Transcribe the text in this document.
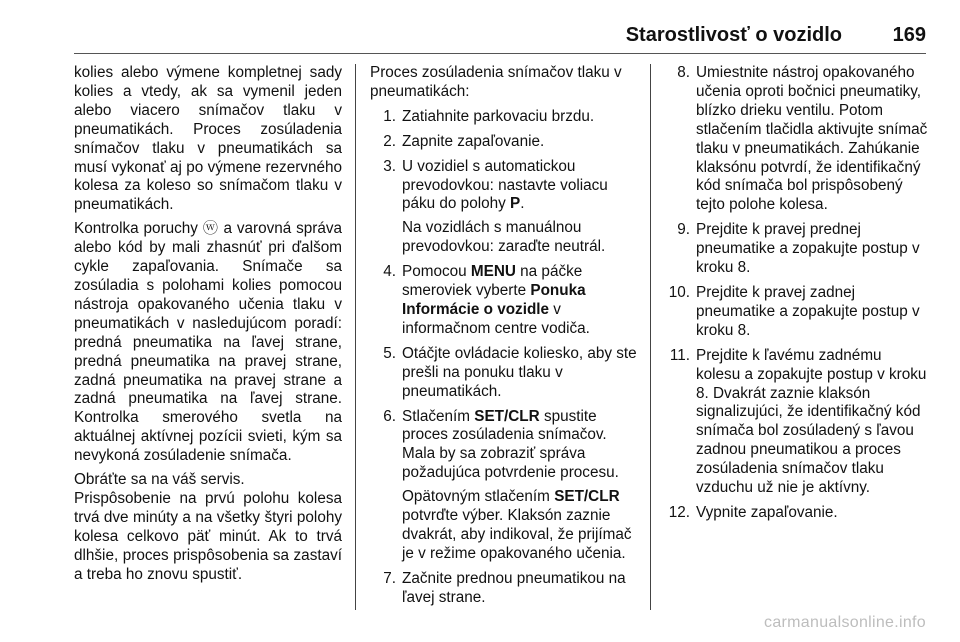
Starostlivosť o vozidlo	169

kolies alebo výmene kompletnej sady kolies a vtedy, ak sa vymenil jeden alebo viacero snímačov tlaku v pneumatikách. Proces zosúladenia snímačov tlaku v pneumatikách sa musí vykonať aj po výmene rezervného kolesa za koleso so snímačom tlaku v pneumatikách.

Kontrolka poruchy ⓦ a varovná správa alebo kód by mali zhasnúť pri ďalšom cykle zapaľovania. Snímače sa zosúladia s polohami kolies pomocou nástroja opakovaného učenia tlaku v pneumatikách v nasledujúcom poradí: predná pneumatika na ľavej strane, predná pneumatika na pravej strane, zadná pneumatika na pravej strane a zadná pneumatika na ľavej strane. Kontrolka smerového svetla na aktuálnej aktívnej pozícii svieti, kým sa nevykoná zosúladenie snímača.

Obráťte sa na váš servis.

Prispôsobenie na prvú polohu kolesa trvá dve minúty a na všetky štyri polohy kolesa celkovo päť minút. Ak to trvá dlhšie, proces prispôsobenia sa zastaví a treba ho znovu spustiť.

Proces zosúladenia snímačov tlaku v pneumatikách:

1. Zatiahnite parkovaciu brzdu.

2. Zapnite zapaľovanie.

3. U vozidiel s automatickou prevodovkou: nastavte voliacu páku do polohy P.

Na vozidlách s manuálnou prevodovkou: zaraďte neutrál.

4. Pomocou MENU na páčke smeroviek vyberte Ponuka Informácie o vozidle v informačnom centre vodiča.

5. Otáčjte ovládacie koliesko, aby ste prešli na ponuku tlaku v pneumatikách.

6. Stlačením SET/CLR spustite proces zosúladenia snímačov. Mala by sa zobraziť správa požadujúca potvrdenie procesu.

Opätovným stlačením SET/CLR potvrďte výber. Klaksón zaznie dvakrát, aby indikoval, že prijímač je v režime opakovaného učenia.

7. Začnite prednou pneumatikou na ľavej strane.

8. Umiestnite nástroj opakovaného učenia oproti bočnici pneumatiky, blízko drieku ventilu. Potom stlačením tlačidla aktivujte snímač tlaku v pneumatikách. Zahúkanie klaksónu potvrdí, že identifikačný kód snímača bol prispôsobený tejto polohe kolesa.

9. Prejdite k pravej prednej pneumatike a zopakujte postup v kroku 8.

10. Prejdite k pravej zadnej pneumatike a zopakujte postup v kroku 8.

11. Prejdite k ľavému zadnému kolesu a zopakujte postup v kroku 8. Dvakrát zaznie klaksón signalizujúci, že identifikačný kód snímača bol zosúladený s ľavou zadnou pneumatikou a proces zosúladenia snímačov tlaku vzduchu už nie je aktívny.

12. Vypnite zapaľovanie.

carmanualsonline.info
